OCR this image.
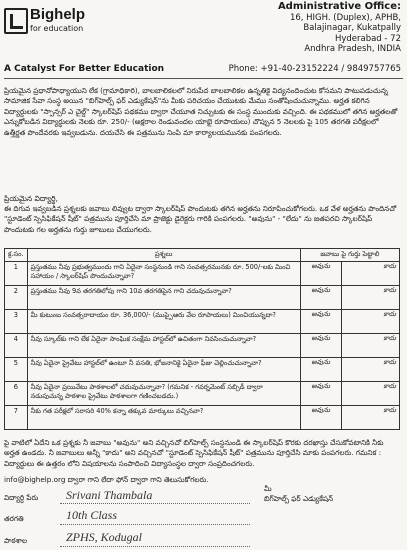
Bighelp
for education
Administrative Office:
16, HIGH. (Duplex), APHB,
Balajinagar, Kukatpally
Hyderabad - 72
Andhra Pradesh, INDIA
A Catalyst For Better Education	Phone: +91-40-23152224 / 9849757765
ప్రియమైన ప్రధానోపాధ్యాయుని లేక (గ్రామాధికారి), బాలబాలికలలో నిరుపేద బాలబాలికల ఉన్నతికై విద్యనందించుట కోసమని పాటుపడుచున్న సామాజిక సేవా సంస్థ అయిన "బిగ్‌హెల్ప్ ఫర్ ఎడ్యుకేషన్"ను మీకు పరిచయం చేయుటకు మేము సంతోషించుచున్నాము. అర్హత కలిగిన విద్యార్థులకు "స్పాన్సర్ ఎ చైల్డ్" స్కాలర్‌షిప్ పథకము ద్వారా చేయూత నిచ్చుటకు ఈ సంస్థ ముందుకు వచ్చింది. ఈ పథకములో తగిన అర్హతలతో ఎన్నుకోబడిన విద్యార్థులకు నెలకు రూ. 250/- (అక్షరాల రెండువందల యాభై రూపాయలు) చొప్పున 5 నెలలకు పై 105 తరగతి పరీక్షలలో ఉత్తీర్ణత పొందేవరకు ఇవ్వబడును. దయచేసి ఈ పత్రమును నింపి మా కార్యాలయమునకు పంపగలరు.
ప్రియమైన విద్యార్థి,
ఈ దిగువ ఇవ్వబడిన ప్రశ్నలకు జవాబు లివ్వుట ద్వారా స్కాలర్‌షిప్ పొందుటకు తగిన అర్హతను నిరూపించుకోగలరు. ఒక వేళ అర్హతను పొందినచో "స్టూడెంట్ స్పెసిఫికేషన్ షీట్" పత్రమును పూర్తిచేసి మా ప్రాజెక్టు డైరెక్టరు గారికి పంపగలరు. "అవును" - "లేదు" ను జతపరచి స్కాలర్‌షిప్ పొందుటకు గల అర్హతను గుర్తు జూబులు చేయుగలరు.
క్ర.సం.	ప్రశ్నలు	జవాబు పై గుర్తు పెట్టాలి	
1	ప్రస్తుతము నీవు ప్రభుత్వముందు గాని ఏదైనా సంస్థనుండి గాని సంవత్సరమునకు రూ. 500/-లకు మించి సహాయం / స్కాలర్‌షిప్ పొందుచున్నావా?	అవును	కాదు
2	ప్రస్తుతము నీవు 9వ తరగతిలోపు గాని 10వ తరగతిపైన గాని చదువుచున్నావా?	అవును	కాదు
3	మీ కుటుంబ సంవత్సరాదాయం రూ. 36,000/- (ముప్పైఆరు వేల రూపాయలు) మించియున్నదా?	అవును	కాదు
4	నీవు స్కూల్‌కు గాని లేక ఏదైనా సాంఘిక సంక్షేమ హాస్టల్‌లో ఉచితంగా నివసించుచున్నావా?	అవును	కాదు
5	నీవు ఏదైనా ప్రైవేటు హాస్టల్‌లో ఉంటూ నీ వసతి, భోజనానికై ఏదైనా ఫీజు చెల్లించుచున్నావా?	అవును	కాదు
6	నీవు ఏదైనా ప్రయివేటు పాఠశాలలో చదువుచున్నావా? (గమనిక - గవర్నమెంట్ సబ్సిడీ ద్వారా నడుపుచున్న పాఠశాల ప్రైవేటు పాఠశాలగా గణించబడదు.)	అవును	కాదు
7	నీకు గత పరీక్షలో సరాసరి 40% కన్నా తక్కువ మార్కులు వచ్చినవా?	అవును	కాదు
పై వాటిలో ఏదేని ఒక ప్రశ్నకు నీ జవాబు "అవును" అని వచ్చినచో బిగ్‌హెల్ప్ సంస్థనుండి ఈ స్కాలర్‌షిప్ కొరకు దరఖాస్తు చేసుకోవటానికి నీకు అర్హత ఉండదు. నీ జవాబులు అన్నీ "కాదు" అని వచ్చినచో "స్టూడెంట్ స్పెసిఫికేషన్ షీట్" పత్రమును పూర్తిచేసి మాకు పంపగలరు. గమనిక : విద్యార్థులు ఈ ఉత్తరం లోని విషయాలను సంపాదించి విద్యాసంస్థల ద్వారా సంప్రదించగలరు.
info@bighelp.org ద్వారా గాని లేదా ఫోన్ ద్వారా గాని తెలుసుకోగలరు.
మీ
బిగ్‌హెల్ప్ ఫర్ ఎడ్యుకేషన్
విద్యార్థి పేరు Srivani Thambala
తరగతి	10th Class
పాఠశాల	ZPHS, Kodugal
